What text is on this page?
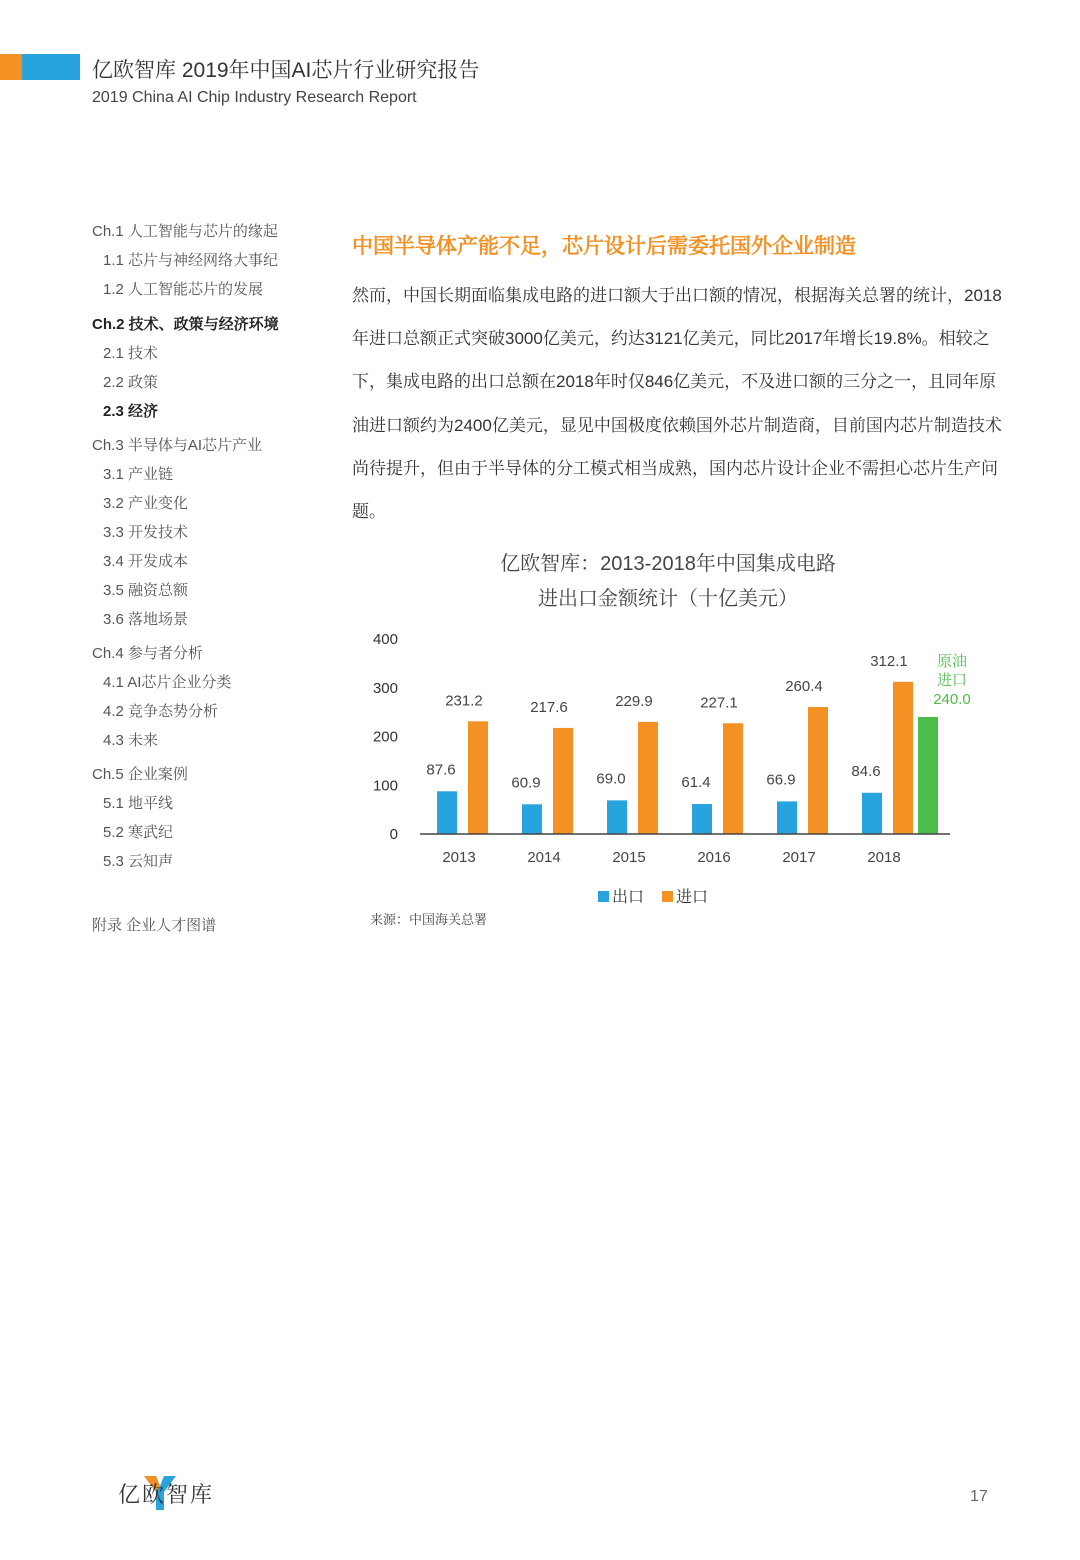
亿欧智库 2019年中国AI芯片行业研究报告
2019 China AI Chip Industry Research Report
Ch.1 人工智能与芯片的缘起
1.1 芯片与神经网络大事纪
1.2 人工智能芯片的发展
Ch.2 技术、政策与经济环境
2.1 技术
2.2 政策
2.3 经济
Ch.3 半导体与AI芯片产业
3.1 产业链
3.2 产业变化
3.3 开发技术
3.4 开发成本
3.5 融资总额
3.6 落地场景
Ch.4 参与者分析
4.1 AI芯片企业分类
4.2 竞争态势分析
4.3 未来
Ch.5 企业案例
5.1 地平线
5.2 寒武纪
5.3 云知声
附录 企业人才图谱
中国半导体产能不足，芯片设计后需委托国外企业制造
然而，中国长期面临集成电路的进口额大于出口额的情况，根据海关总署的统计，2018年进口总额正式突破3000亿美元，约达3121亿美元，同比2017年增长19.8%。相较之下，集成电路的出口总额在2018年时仅846亿美元，不及进口额的三分之一，且同年原油进口额约为2400亿美元，显见中国极度依赖国外芯片制造商，目前国内芯片制造技术尚待提升，但由于半导体的分工模式相当成熟，国内芯片设计企业不需担心芯片生产问题。
亿欧智库：2013-2018年中国集成电路
进出口金额统计（十亿美元）
0
100
200
300
400
87.6
231.2
2013
60.9
217.6
2014
69.0
229.9
2015
61.4
227.1
2016
66.9
260.4
2017
84.6
312.1
2018
原油
进口
240.0
出口 进口
来源：中国海关总署
亿欧智库	17
